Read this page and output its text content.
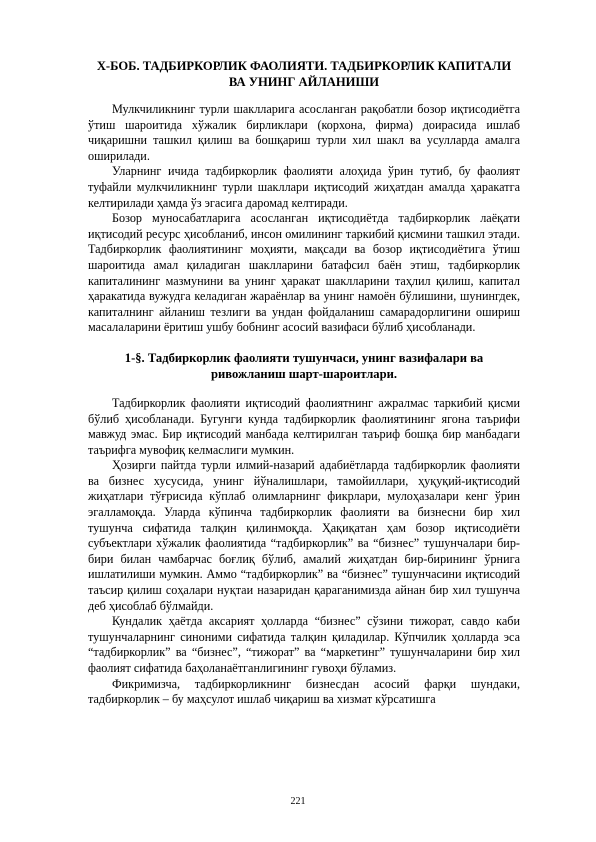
Х-БОБ. ТАДБИРКОРЛИК ФАОЛИЯТИ. ТАДБИРКОРЛИК КАПИТАЛИ ВА УНИНГ АЙЛАНИШИ

Мулкчиликнинг турли шаклларига асосланган рақобатли бозор иқтисодиётга ўтиш шароитида хўжалик бирликлари (корхона, фирма) доирасида ишлаб чиқаришни ташкил қилиш ва бошқариш турли хил шакл ва усулларда амалга оширилади.

Уларнинг ичида тадбиркорлик фаолияти алоҳида ўрин тутиб, бу фаолият туфайли мулкчиликнинг турли шакллари иқтисодий жиҳатдан амалда ҳаракатга келтирилади ҳамда ўз эгасига даромад келтиради.

Бозор муносабатларига асосланган иқтисодиётда тадбиркорлик лаёқати иқтисодий ресурс ҳисобланиб, инсон омилининг таркибий қисмини ташкил этади. Тадбиркорлик фаолиятининг моҳияти, мақсади ва бозор иқтисодиётига ўтиш шароитида амал қиладиган шаклларини батафсил баён этиш, тадбиркорлик капиталининг мазмунини ва унинг ҳаракат шаклларини таҳлил қилиш, капитал ҳаракатида вужудга келадиган жараёнлар ва унинг намоён бўлишини, шунингдек, капиталнинг айланиш тезлиги ва ундан фойдаланиш самарадорлигини ошириш масалаларини ёритиш ушбу бобнинг асосий вазифаси бўлиб ҳисобланади.

1-§. Тадбиркорлик фаолияти тушунчаси, унинг вазифалари ва ривожланиш шарт-шароитлари.

Тадбиркорлик фаолияти иқтисодий фаолиятнинг ажралмас таркибий қисми бўлиб ҳисобланади. Бугунги кунда тадбиркорлик фаолиятининг ягона таърифи мавжуд эмас. Бир иқтисодий манбада келтирилган таъриф бошқа бир манбадаги таърифга мувофиқ келмаслиги мумкин.

Ҳозирги пайтда турли илмий-назарий адабиётларда тадбиркорлик фаолияти ва бизнес хусусида, унинг йўналишлари, тамойиллари, ҳуқуқий-иқтисодий жиҳатлари тўғрисида кўплаб олимларнинг фикрлари, мулоҳазалари кенг ўрин эгалламоқда. Уларда кўпинча тадбиркорлик фаолияти ва бизнесни бир хил тушунча сифатида талқин қилинмоқда. Ҳақиқатан ҳам бозор иқтисодиёти субъектлари хўжалик фаолиятида “тадбиркорлик” ва “бизнес” тушунчалари бир-бири билан чамбарчас боғлиқ бўлиб, амалий жиҳатдан бир-бирининг ўрнига ишлатилиши мумкин. Аммо “тадбиркорлик” ва “бизнес” тушунчасини иқтисодий таъсир қилиш соҳалари нуқтаи назаридан қараганимизда айнан бир хил тушунча деб ҳисоблаб бўлмайди.

Кундалик ҳаётда аксарият ҳолларда “бизнес” сўзини тижорат, савдо каби тушунчаларнинг синоними сифатида талқин қиладилар. Кўпчилик ҳолларда эса “тадбиркорлик” ва “бизнес”, “тижорат” ва “маркетинг” тушунчаларини бир хил фаолият сифатида баҳоланаётганлигининг гувоҳи бўламиз.

Фикримизча, тадбиркорликнинг бизнесдан асосий фарқи шундаки, тадбиркорлик – бу маҳсулот ишлаб чиқариш ва хизмат кўрсатишга

221
